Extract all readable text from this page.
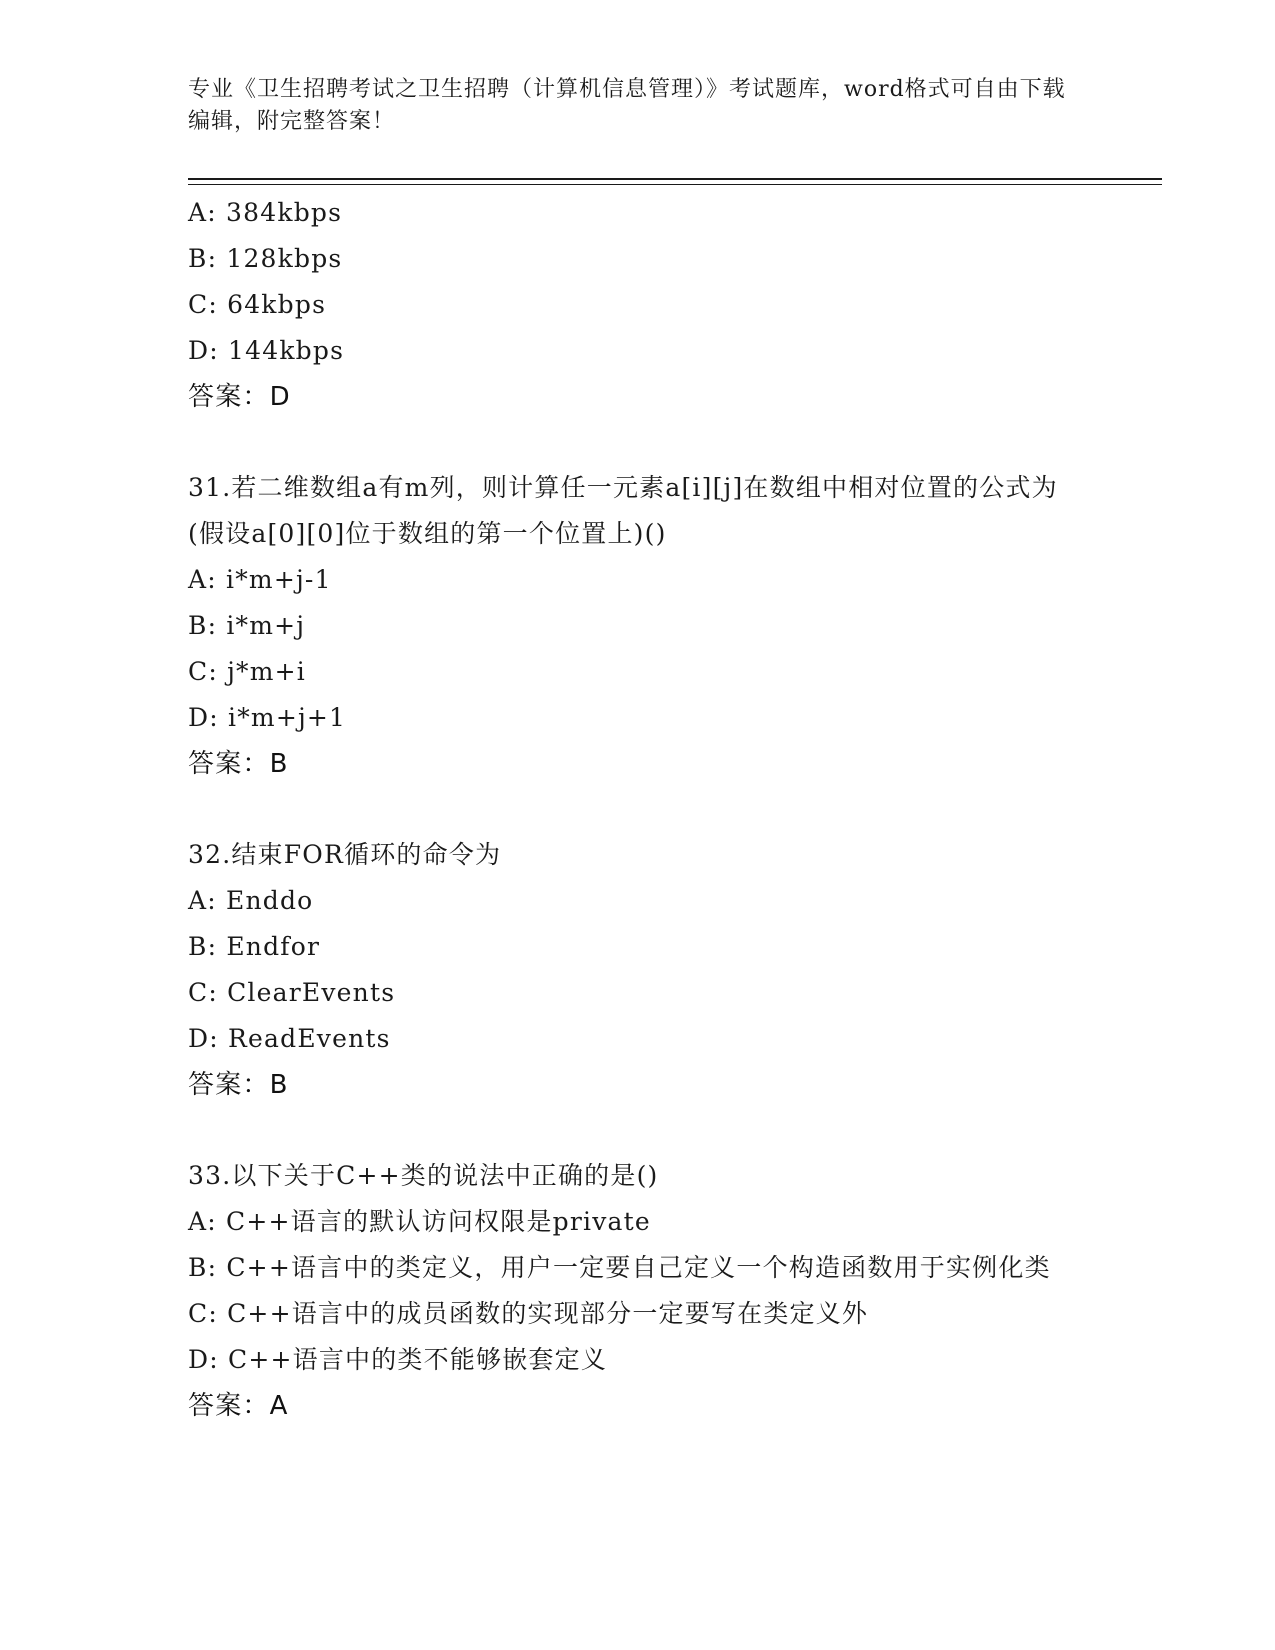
专业《卫生招聘考试之卫生招聘（计算机信息管理）》考试题库，word格式可自由下载编辑，附完整答案！
A: 384kbps
B: 128kbps
C: 64kbps
D: 144kbps
答案：D
31.若二维数组a有m列，则计算任一元素a[i][j]在数组中相对位置的公式为(假设a[0][0]位于数组的第一个位置上)()
A: i*m+j-1
B: i*m+j
C: j*m+i
D: i*m+j+1
答案：B
32.结束FOR循环的命令为
A: Enddo
B: Endfor
C: ClearEvents
D: ReadEvents
答案：B
33.以下关于C++类的说法中正确的是()
A: C++语言的默认访问权限是private
B: C++语言中的类定义，用户一定要自己定义一个构造函数用于实例化类
C: C++语言中的成员函数的实现部分一定要写在类定义外
D: C++语言中的类不能够嵌套定义
答案：A
